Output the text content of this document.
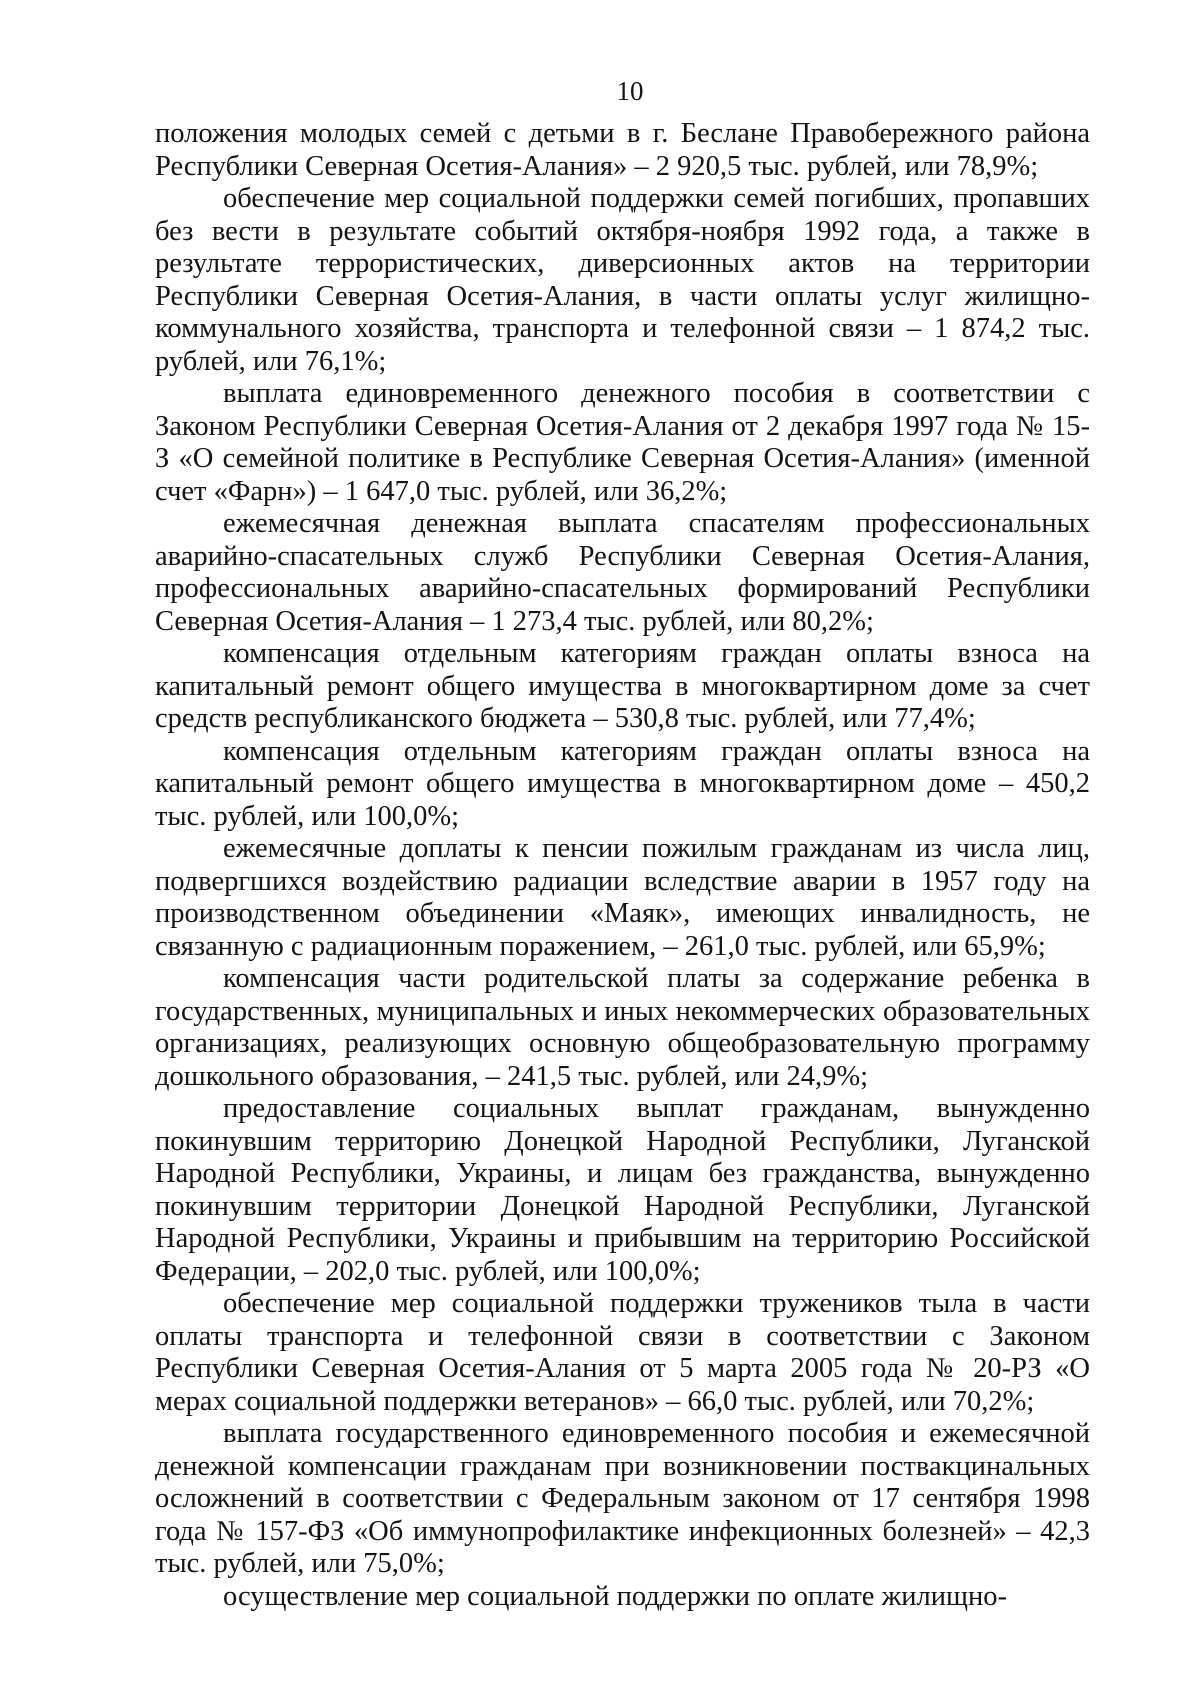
10

положения молодых семей с детьми в г. Беслане Правобережного района Республики Северная Осетия-Алания» – 2 920,5 тыс. рублей, или 78,9%;

обеспечение мер социальной поддержки семей погибших, пропавших без вести в результате событий октября-ноября 1992 года, а также в результате террористических, диверсионных актов на территории Республики Северная Осетия-Алания, в части оплаты услуг жилищно-коммунального хозяйства, транспорта и телефонной связи – 1 874,2 тыс. рублей, или 76,1%;

выплата единовременного денежного пособия в соответствии с Законом Республики Северная Осетия-Алания от 2 декабря 1997 года № 15-З «О семейной политике в Республике Северная Осетия-Алания» (именной счет «Фарн») – 1 647,0 тыс. рублей, или 36,2%;

ежемесячная денежная выплата спасателям профессиональных аварийно-спасательных служб Республики Северная Осетия-Алания, профессиональных аварийно-спасательных формирований Республики Северная Осетия-Алания – 1 273,4 тыс. рублей, или 80,2%;

компенсация отдельным категориям граждан оплаты взноса на капитальный ремонт общего имущества в многоквартирном доме за счет средств республиканского бюджета – 530,8 тыс. рублей, или 77,4%;

компенсация отдельным категориям граждан оплаты взноса на капитальный ремонт общего имущества в многоквартирном доме – 450,2 тыс. рублей, или 100,0%;

ежемесячные доплаты к пенсии пожилым гражданам из числа лиц, подвергшихся воздействию радиации вследствие аварии в 1957 году на производственном объединении «Маяк», имеющих инвалидность, не связанную с радиационным поражением, – 261,0 тыс. рублей, или 65,9%;

компенсация части родительской платы за содержание ребенка в государственных, муниципальных и иных некоммерческих образовательных организациях, реализующих основную общеобразовательную программу дошкольного образования, – 241,5 тыс. рублей, или 24,9%;

предоставление социальных выплат гражданам, вынужденно покинувшим территорию Донецкой Народной Республики, Луганской Народной Республики, Украины, и лицам без гражданства, вынужденно покинувшим территории Донецкой Народной Республики, Луганской Народной Республики, Украины и прибывшим на территорию Российской Федерации, – 202,0 тыс. рублей, или 100,0%;

обеспечение мер социальной поддержки тружеников тыла в части оплаты транспорта и телефонной связи в соответствии с Законом Республики Северная Осетия-Алания от 5 марта 2005 года № 20-РЗ «О мерах социальной поддержки ветеранов» – 66,0 тыс. рублей, или 70,2%;

выплата государственного единовременного пособия и ежемесячной денежной компенсации гражданам при возникновении поствакцинальных осложнений в соответствии с Федеральным законом от 17 сентября 1998 года № 157-ФЗ «Об иммунопрофилактике инфекционных болезней» – 42,3 тыс. рублей, или 75,0%;

осуществление мер социальной поддержки по оплате жилищно-
